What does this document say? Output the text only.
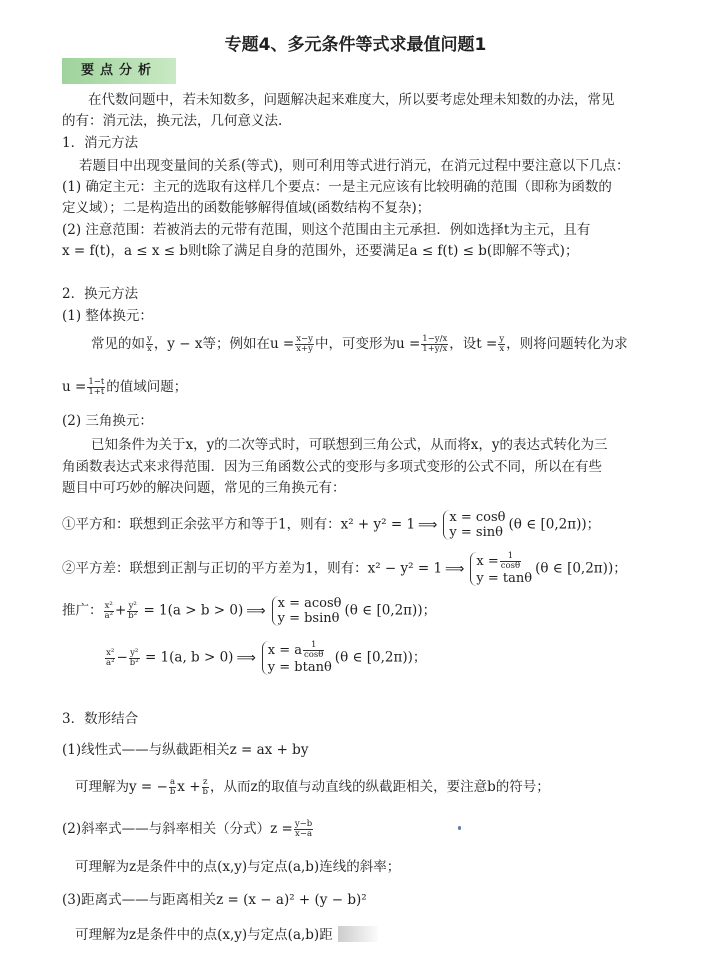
专题4、多元条件等式求最值问题1
要点分析
在代数问题中，若未知数多，问题解决起来难度大，所以要考虑处理未知数的办法，常见
的有：消元法，换元法，几何意义法.
1．消元方法
若题目中出现变量间的关系(等式)，则可利用等式进行消元，在消元过程中要注意以下几点：
(1) 确定主元：主元的选取有这样几个要点：一是主元应该有比较明确的范围（即称为函数的
定义域）；二是构造出的函数能够解得值域(函数结构不复杂)；
(2) 注意范围：若被消去的元带有范围，则这个范围由主元承担．例如选择t为主元，且有
x = f(t)，a ≤ x ≤ b则t除了满足自身的范围外，还要满足a ≤ f(t) ≤ b(即解不等式)；
2．换元方法
(1) 整体换元：
常见的如 $\frac{y}{x}$ ，y − x等；例如在$u = \frac{x-y}{x+y}$ 中，可变形为$u = \frac{1-y/x}{1+y/x}$ ，设$t = \frac{y}{x}$ ，则将问题转化为求
$u = \frac{1-t}{1+t}$ 的值域问题；
(2) 三角换元：
已知条件为关于x，y的二次等式时，可联想到三角公式，从而将x，y的表达式转化为三
角函数表达式来求得范围．因为三角函数公式的变形与多项式变形的公式不同，所以在有些
题目中可巧妙的解决问题，常见的三角换元有：
①平方和：联想到正余弦平方和等于1，则有：x² + y² = 1 ⟹ x = cosθ
y = sinθ (θ ∈ [0,2π))；
②平方差：联想到正割与正切的平方差为1，则有：x² − y² = 1 ⟹ $x = \frac{1}{\cos\theta}$
y = tanθ
(θ ∈ [0,2π))；
推广： $\frac{\text{x²}}{\text{a²}} + \frac{\text{y²}}{\text{b²}} = 1(a > b > 0)$ ⟹ x = acosθ
y = bsinθ (θ ∈ [0,2π))；
$\frac{\text{x²}}{\text{a²}} - \frac{\text{y²}}{\text{b²}} = 1(a$, b > 0) ⟹ x = a $\frac{1}{\cos\theta}$
y = btanθ
(θ ∈ [0,2π))；
3．数形结合
(1)线性式——与纵截距相关z = ax + by
可理解为y = − $\frac{a}{b}$ $x + \frac{z}{b}$ ，从而z的取值与动直线的纵截距相关，要注意b的符号；
(2)斜率式——与斜率相关（分式）$z = \frac{y-b}{x-a}$
可理解为z是条件中的点(x,y)与定点(a,b)连线的斜率；
(3)距离式——与距离相关z = (x − a)² + (y − b)²
可理解为z是条件中的点(x,y)与定点(a,b)距
